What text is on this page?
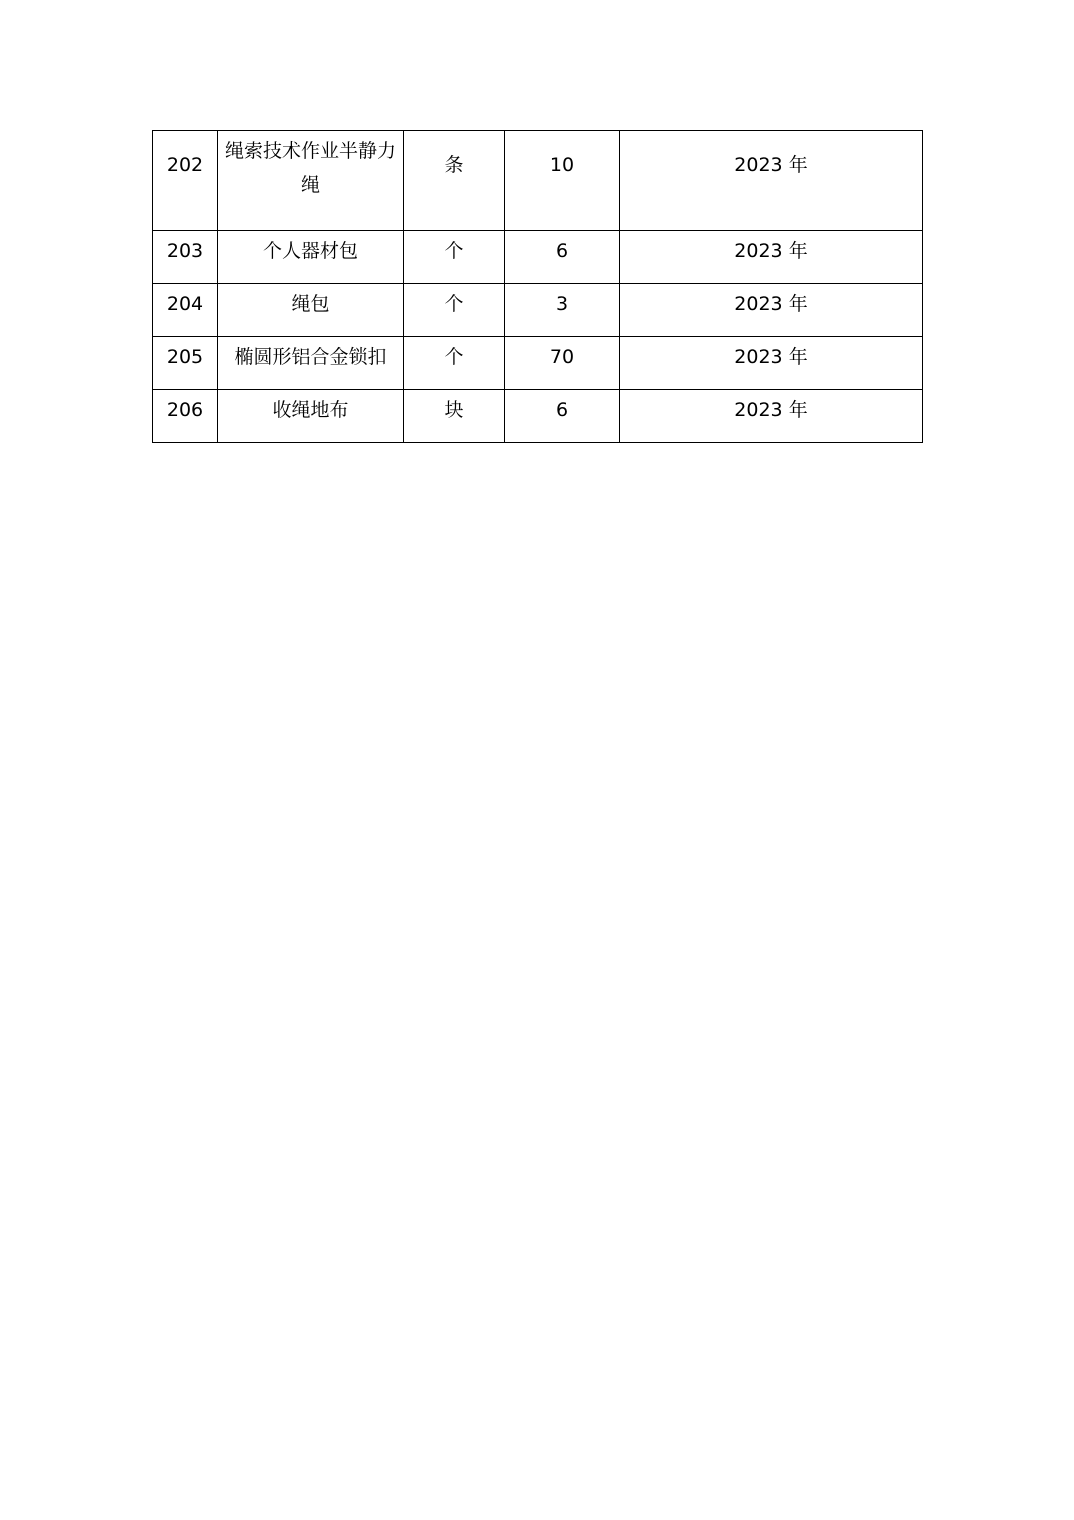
202	绳索技术作业半静力绳	条	10	2023 年
203	个人器材包	个	6	2023 年
204	绳包	个	3	2023 年
205	椭圆形铝合金锁扣	个	70	2023 年
206	收绳地布	块	6	2023 年
